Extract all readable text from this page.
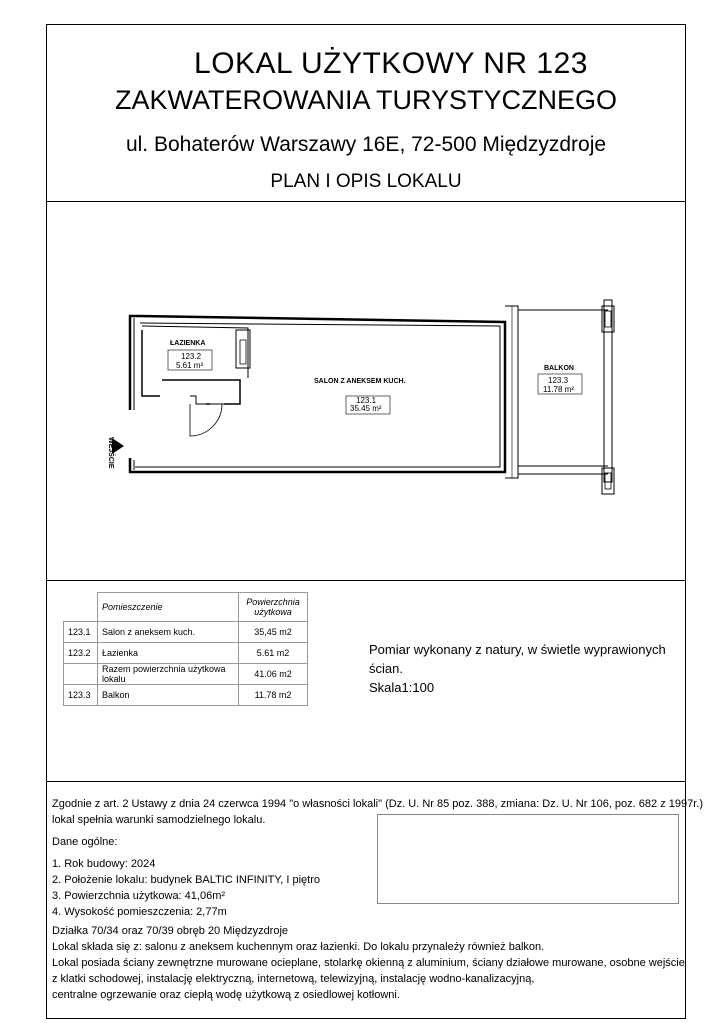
LOKAL UŻYTKOWY NR 123
ZAKWATEROWANIA TURYSTYCZNEGO
ul. Bohaterów Warszawy 16E, 72-500 Międzyzdroje
PLAN I OPIS LOKALU
WEJŚCIE
ŁAZIENKA
123.2
5.61 m²
SALON Z ANEKSEM KUCH.
123.1
35.45 m²
BALKON
123.3
11.78 m²
	Pomieszczenie	Powierzchnia użytkowa
123.1	Salon z aneksem kuch.	35,45 m2
123.2	Łazienka	5.61 m2
	Razem powierzchnia użytkowa lokalu	41.06 m2
123.3	Balkon	11.78 m2
Pomiar wykonany z natury, w świetle wyprawionych ścian.
Skala1:100
Zgodnie z art. 2 Ustawy z dnia 24 czerwca 1994 "o własności lokali" (Dz. U. Nr 85 poz. 388, zmiana: Dz. U. Nr 106, poz. 682 z 1997r.)
lokal spełnia warunki samodzielnego lokalu.
Dane ogólne:
1. Rok budowy: 2024
2. Położenie lokalu: budynek BALTIC INFINITY, I piętro
3. Powierzchnia użytkowa: 41,06m²
4. Wysokość pomieszczenia: 2,77m
Działka 70/34 oraz 70/39 obręb 20 Międzyzdroje
Lokal składa się z: salonu z aneksem kuchennym oraz łazienki. Do lokalu przynależy również balkon.
Lokal posiada ściany zewnętrzne murowane ocieplane, stolarkę okienną z aluminium, ściany działowe murowane, osobne wejście
z klatki schodowej, instalację elektryczną, internetową, telewizyjną, instalację wodno-kanalizacyjną,
centralne ogrzewanie oraz ciepłą wodę użytkową z osiedlowej kotłowni.
